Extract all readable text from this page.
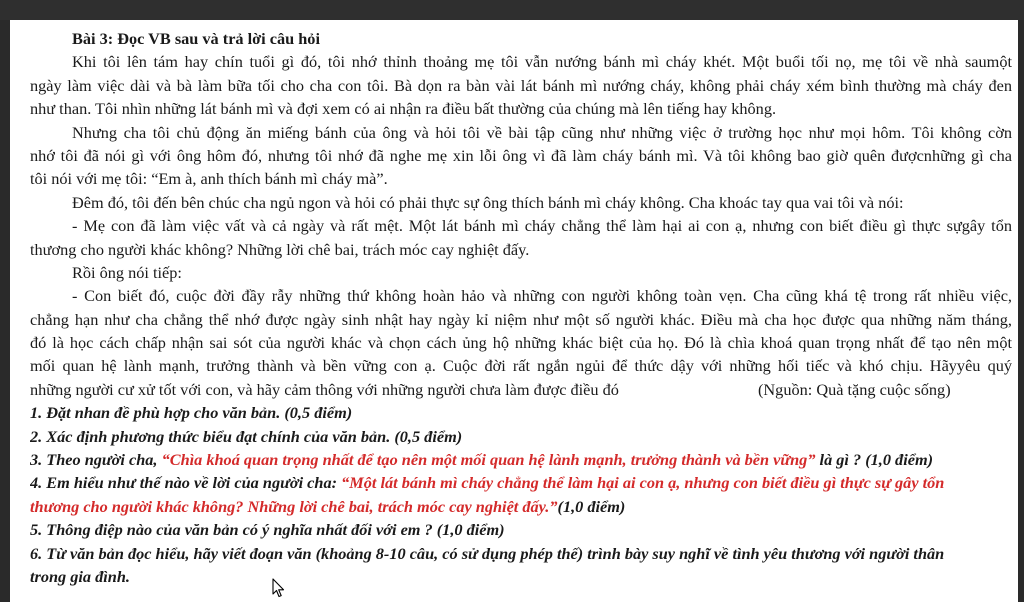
Bài 3: Đọc VB sau và trả lời câu hỏi
Khi tôi lên tám hay chín tuổi gì đó, tôi nhớ thỉnh thoảng mẹ tôi vẫn nướng bánh mì cháy khét. Một buổi tối nọ, mẹ tôi về nhà saumột
ngày làm việc dài và bà làm bữa tối cho cha con tôi. Bà dọn ra bàn vài lát bánh mì nướng cháy, không phải cháy xém bình thường mà cháy đen
như than. Tôi nhìn những lát bánh mì và đợi xem có ai nhận ra điều bất thường của chúng mà lên tiếng hay không.
Nhưng cha tôi chủ động ăn miếng bánh của ông và hỏi tôi về bài tập cũng như những việc ở trường học như mọi hôm. Tôi không cờn
nhớ tôi đã nói gì với ông hôm đó, nhưng tôi nhớ đã nghe mẹ xin lỗi ông vì đã làm cháy bánh mì. Và tôi không bao giờ quên đượcnhững gì cha
tôi nói với mẹ tôi: “Em à, anh thích bánh mì cháy mà”.
Đêm đó, tôi đến bên chúc cha ngủ ngon và hỏi có phải thực sự ông thích bánh mì cháy không. Cha khoác tay qua vai tôi và nói:
- Mẹ con đã làm việc vất và cả ngày và rất mệt. Một lát bánh mì cháy chẳng thể làm hại ai con ạ, nhưng con biết điều gì thực sựgây tổn
thương cho người khác không? Những lời chê bai, trách móc cay nghiệt đấy.
Rồi ông nói tiếp:
- Con biết đó, cuộc đời đầy rẫy những thứ không hoàn hảo và những con người không toàn vẹn. Cha cũng khá tệ trong rất nhiều việc,
chẳng hạn như cha chẳng thể nhớ được ngày sinh nhật hay ngày kỉ niệm như một số người khác. Điều mà cha học được qua những năm tháng,
đó là học cách chấp nhận sai sót của người khác và chọn cách ủng hộ những khác biệt của họ. Đó là chìa khoá quan trọng nhất để tạo nên một
mối quan hệ lành mạnh, trưởng thành và bền vững con ạ. Cuộc đời rất ngắn ngủi để thức dậy với những hối tiếc và khó chịu. Hãyyêu quý
những người cư xử tốt với con, và hãy cảm thông với những người chưa làm được điều đó	(Nguồn: Quà tặng cuộc sống)
1. Đặt nhan đề phù hợp cho văn bản. (0,5 điểm)
2. Xác định phương thức biểu đạt chính của văn bản. (0,5 điểm)
3. Theo người cha, “Chìa khoá quan trọng nhất để tạo nên một mối quan hệ lành mạnh, trưởng thành và bền vững” là gì ? (1,0 điểm)
4. Em hiểu như thế nào về lời của người cha: “Một lát bánh mì cháy chẳng thể làm hại ai con ạ, nhưng con biết điều gì thực sự gây tổn
thương cho người khác không? Những lời chê bai, trách móc cay nghiệt đấy.”(1,0 điểm)
5. Thông điệp nào của văn bản có ý nghĩa nhất đối với em ? (1,0 điểm)
6. Từ văn bản đọc hiểu, hãy viết đoạn văn (khoảng 8-10 câu, có sử dụng phép thế) trình bày suy nghĩ về tình yêu thương với người thân
trong gia đình.
